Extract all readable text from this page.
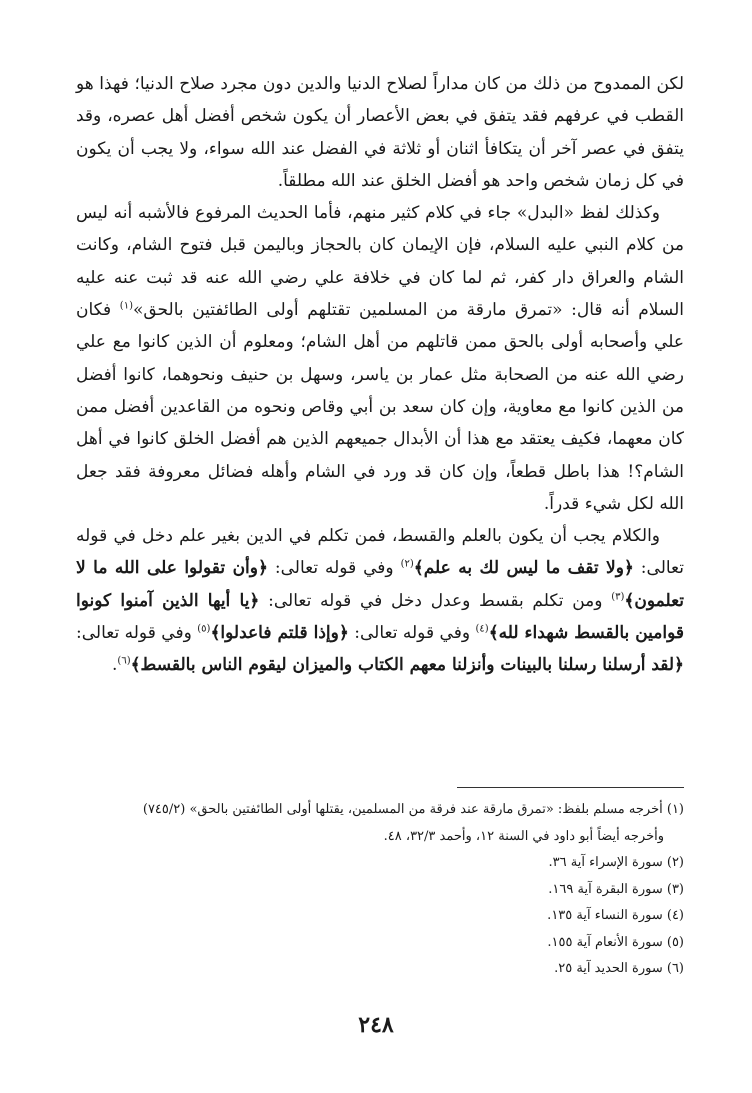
لكن الممدوح من ذلك من كان مداراً لصلاح الدنيا والدين دون مجرد صلاح الدنيا؛ فهذا هو القطب في عرفهم فقد يتفق في بعض الأعصار أن يكون شخص أفضل أهل عصره، وقد يتفق في عصر آخر أن يتكافأ اثنان أو ثلاثة في الفضل عند الله سواء، ولا يجب أن يكون في كل زمان شخص واحد هو أفضل الخلق عند الله مطلقاً.

وكذلك لفظ «البدل» جاء في كلام كثير منهم، فأما الحديث المرفوع فالأشبه أنه ليس من كلام النبي عليه السلام، فإن الإيمان كان بالحجاز وباليمن قبل فتوح الشام، وكانت الشام والعراق دار كفر، ثم لما كان في خلافة علي رضي الله عنه قد ثبت عنه عليه السلام أنه قال: «تمرق مارقة من المسلمين تقتلهم أولى الطائفتين بالحق»$^{(١)}$ فكان علي وأصحابه أولى بالحق ممن قاتلهم من أهل الشام؛ ومعلوم أن الذين كانوا مع علي رضي الله عنه من الصحابة مثل عمار بن ياسر، وسهل بن حنيف ونحوهما، كانوا أفضل من الذين كانوا مع معاوية، وإن كان سعد بن أبي وقاص ونحوه من القاعدين أفضل ممن كان معهما، فكيف يعتقد مع هذا أن الأبدال جميعهم الذين هم أفضل الخلق كانوا في أهل الشام؟! هذا باطل قطعاً، وإن كان قد ورد في الشام وأهله فضائل معروفة فقد جعل الله لكل شيء قدراً.

والكلام يجب أن يكون بالعلم والقسط، فمن تكلم في الدين بغير علم دخل في قوله تعالى: ﴿ولا تقف ما ليس لك به علم﴾$^{(٢)}$ وفي قوله تعالى: ﴿وأن تقولوا على الله ما لا تعلمون﴾$^{(٣)}$ ومن تكلم بقسط وعدل دخل في قوله تعالى: ﴿يا أيها الذين آمنوا كونوا قوامين بالقسط شهداء لله﴾$^{(٤)}$ وفي قوله تعالى: ﴿وإذا قلتم فاعدلوا﴾$^{(٥)}$ وفي قوله تعالى: ﴿لقد أرسلنا رسلنا بالبينات وأنزلنا معهم الكتاب والميزان ليقوم الناس بالقسط﴾$^{(٦)}$.

(١) أخرجه مسلم بلفظ: «تمرق مارقة عند فرقة من المسلمين، يقتلها أولى الطائفتين بالحق» (٧٤٥/٢)
وأخرجه أيضاً أبو داود في السنة ١٢، وأحمد ٣٢/٣، ٤٨.
(٢) سورة الإسراء آية ٣٦.
(٣) سورة البقرة آية ١٦٩.
(٤) سورة النساء آية ١٣٥.
(٥) سورة الأنعام آية ١٥٥.
(٦) سورة الحديد آية ٢٥.
٢٤٨
